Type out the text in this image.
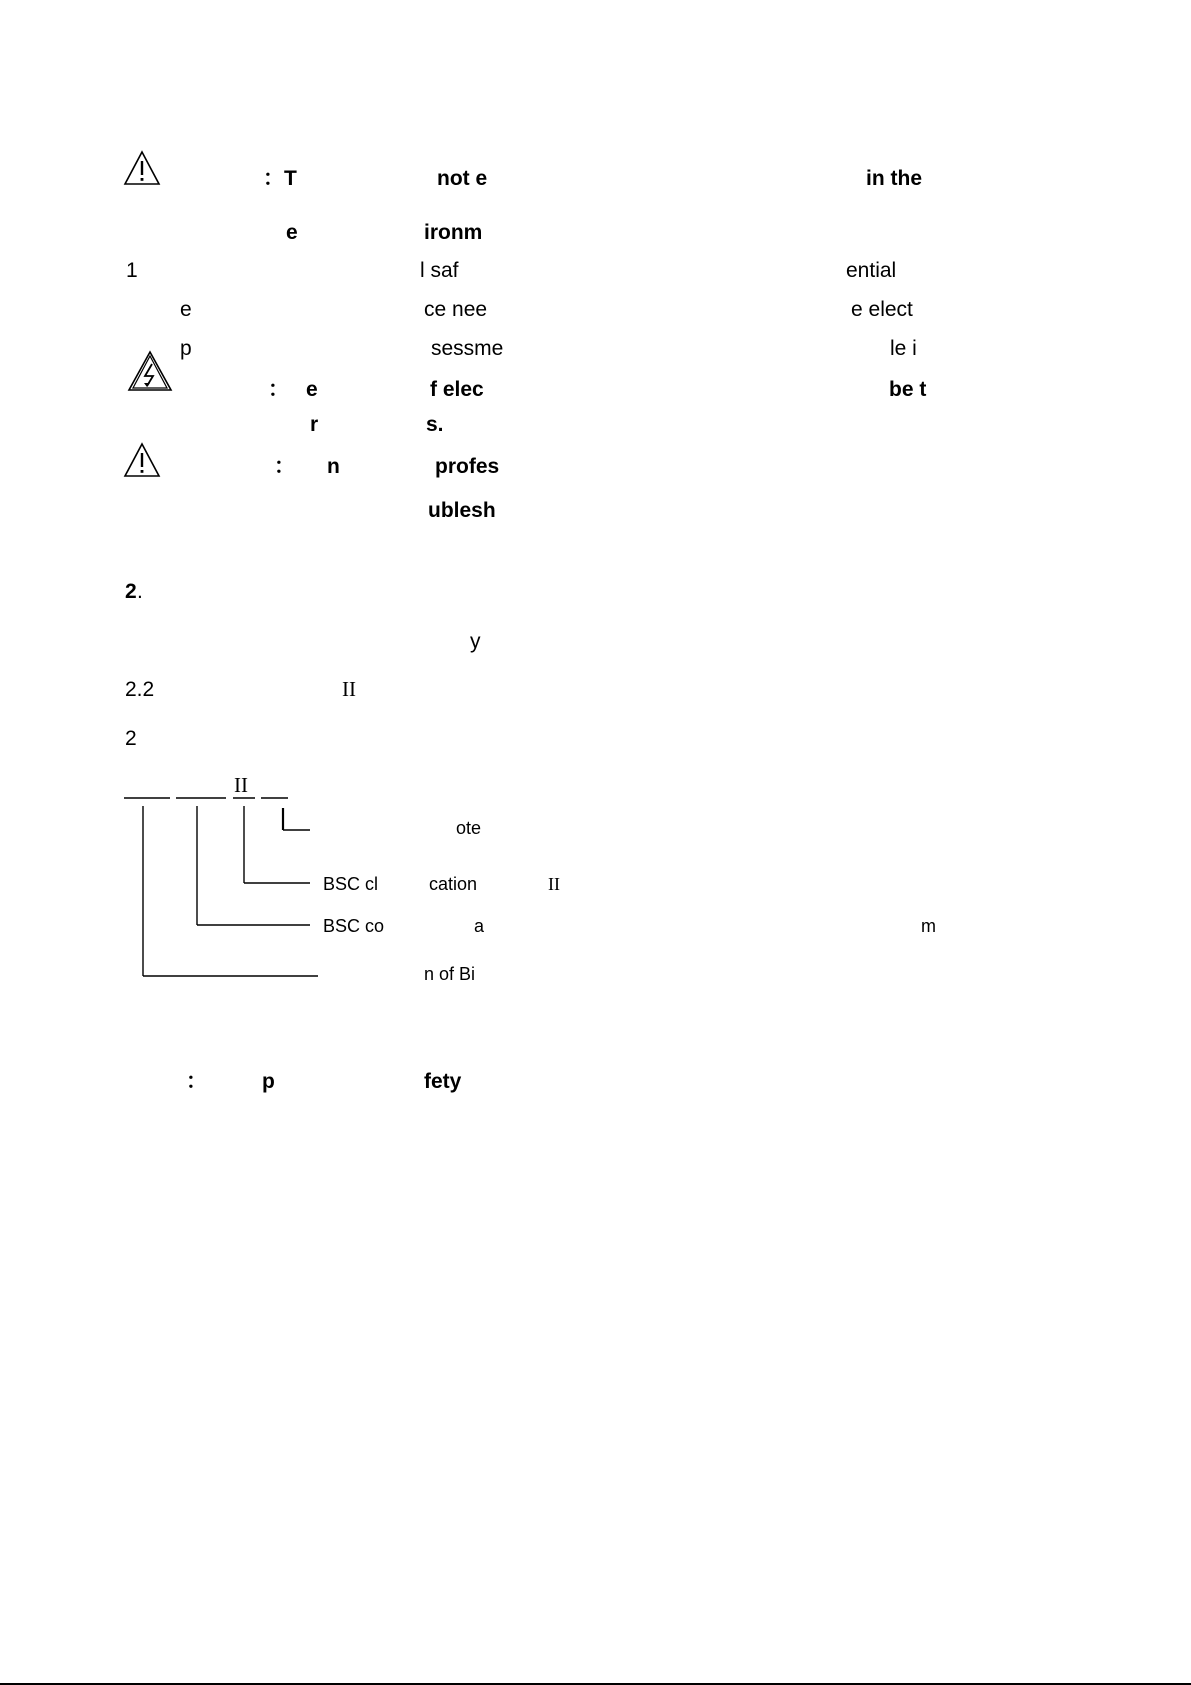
：T	not e	in the
e	ironm
1	l saf	ential
e	ce nee	e elect
p	sessme	le i
： e	f elec	be t
r	s.
： n	profes
ublesh
2 .
y
2.2	II
2
II
ote
BSC cl	cation	II
BSC co	a	m
n of Bi
：	p	fety
